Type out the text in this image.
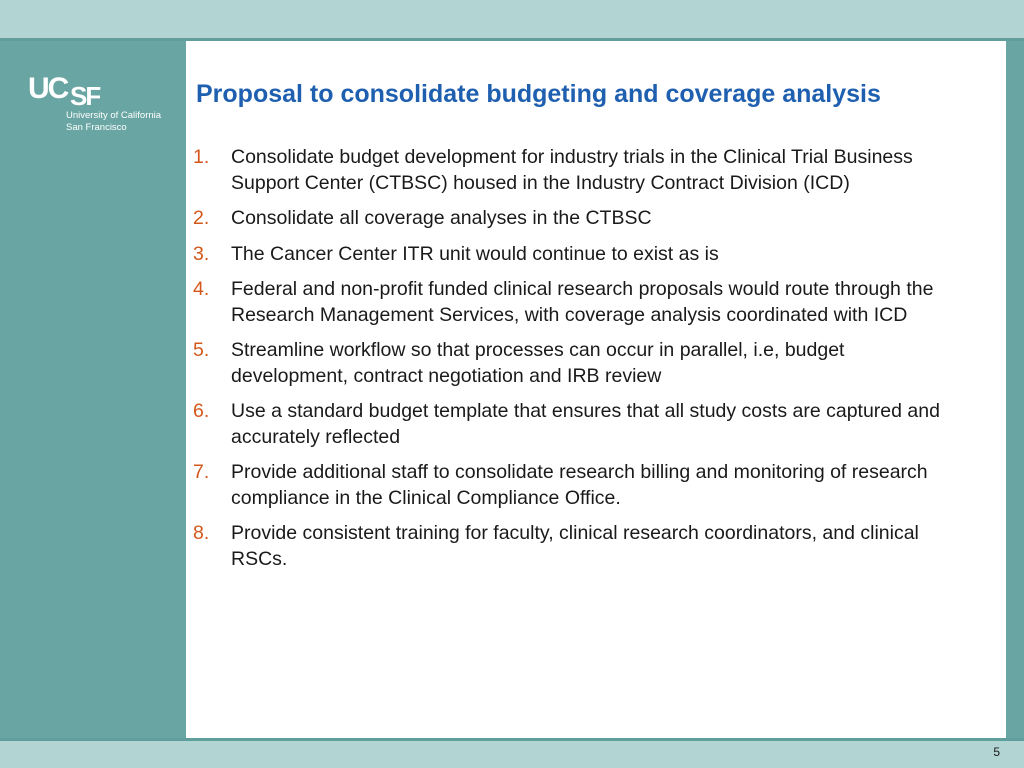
UC SF
University of California
San Francisco
Proposal to consolidate budgeting and coverage analysis
1. Consolidate budget development for industry trials in the Clinical Trial Business Support Center (CTBSC) housed in the Industry Contract Division (ICD)
2. Consolidate all coverage analyses in the CTBSC
3. The Cancer Center ITR unit would continue to exist as is
4. Federal and non-profit funded clinical research proposals would route through the Research Management Services, with coverage analysis coordinated with ICD
5. Streamline workflow so that processes can occur in parallel, i.e, budget development, contract negotiation and IRB review
6. Use a standard budget template that ensures that all study costs are captured and accurately reflected
7. Provide additional staff to consolidate research billing and monitoring of research compliance in the Clinical Compliance Office.
8. Provide consistent training for faculty, clinical research coordinators, and clinical RSCs.
5
